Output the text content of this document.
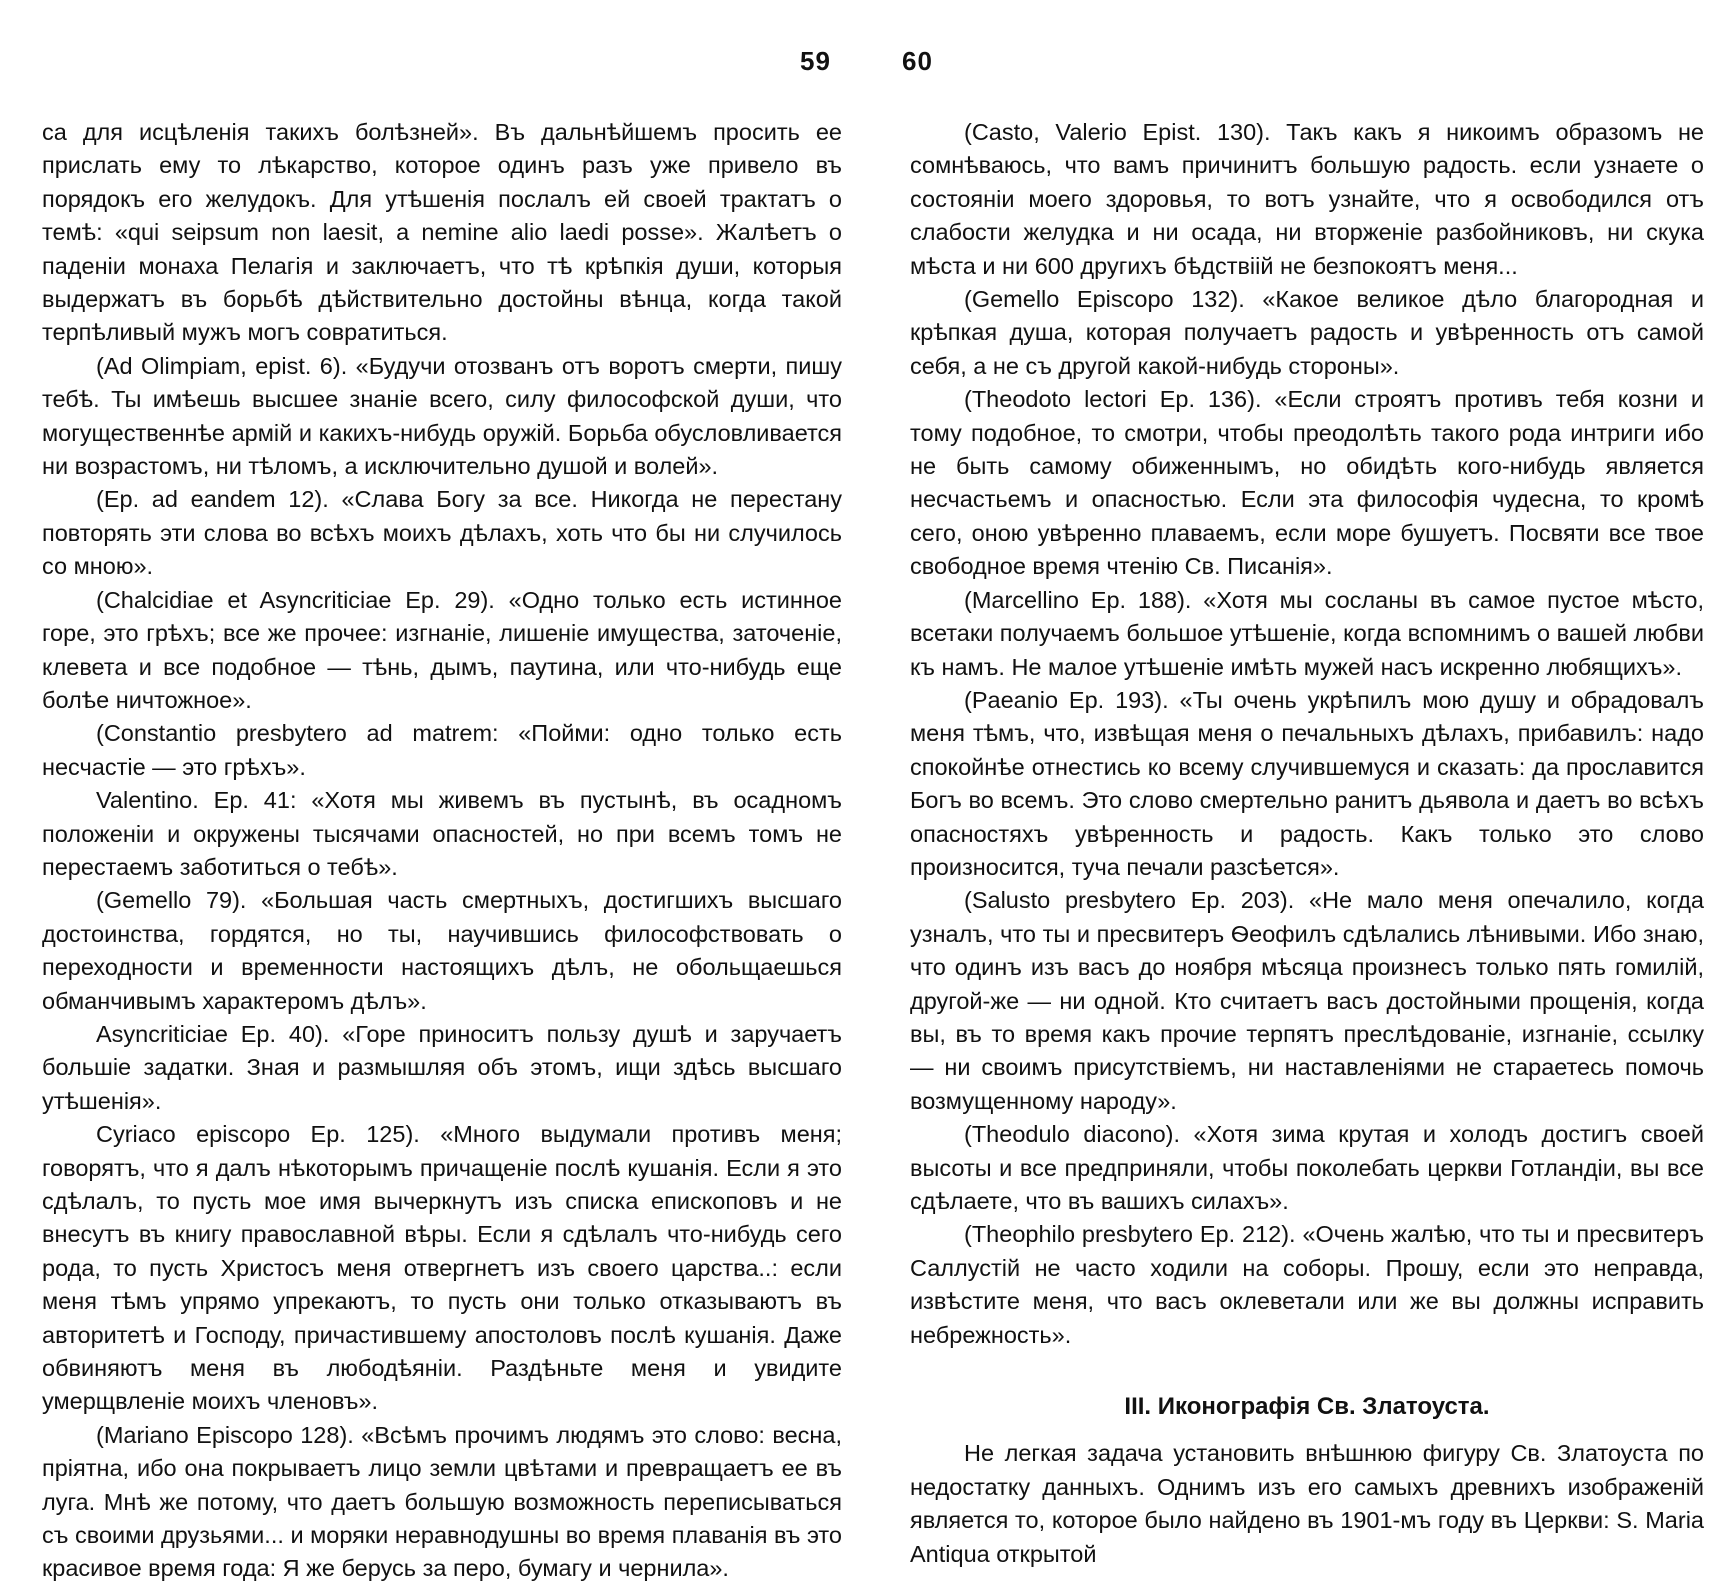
59	60

са для исцѣленія такихъ болѣзней». Въ дальнѣйшемъ просить ее прислать ему то лѣкарство, которое одинъ разъ уже привело въ порядокъ его желудокъ. Для утѣшенія послалъ ей своей трактатъ о темѣ: «qui seipsum non laesit, a nemine alio laedi posse». Жалѣетъ о паденіи монаха Пелагія и заключаетъ, что тѣ крѣпкія души, которыя выдержатъ въ борьбѣ дѣйствительно достойны вѣнца, когда такой терпѣливый мужъ могъ совратиться.

(Ad Olimpiam, epist. 6). «Будучи отозванъ отъ воротъ смерти, пишу тебѣ. Ты имѣешь высшее знаніе всего, силу философской души, что могущественнѣе армій и какихъ-нибудь оружій. Борьба обусловливается ни возрастомъ, ни тѣломъ, а исключительно душой и волей».

(Ep. ad eandem 12). «Слава Богу за все. Никогда не перестану повторять эти слова во всѣхъ моихъ дѣлахъ, хоть что бы ни случилось со мною».

(Chalcidiae et Asyncriticiae Ep. 29). «Одно только есть истинное горе, это грѣхъ; все же прочее: изгнаніе, лишеніе имущества, заточеніе, клевета и все подобное — тѣнь, дымъ, паутина, или что-нибудь еще болѣе ничтожное».

(Constantio presbytero ad matrem: «Пойми: одно только есть несчастіе — это грѣхъ».

Valentino. Ep. 41: «Хотя мы живемъ въ пустынѣ, въ осадномъ положеніи и окружены тысячами опасностей, но при всемъ томъ не перестаемъ заботиться о тебѣ».

(Gemello 79). «Большая часть смертныхъ, достигшихъ высшаго достоинства, гордятся, но ты, научившись философствовать о переходности и временности настоящихъ дѣлъ, не обольщаешься обманчивымъ характеромъ дѣлъ».

Asyncriticiae Ep. 40). «Горе приноситъ пользу душѣ и заручаетъ большіе задатки. Зная и размышляя объ этомъ, ищи здѣсь высшаго утѣшенія».

Cyriaco episcopo Ep. 125). «Много выдумали противъ меня; говорятъ, что я далъ нѣкоторымъ причащеніе послѣ кушанія. Если я это сдѣлалъ, то пусть мое имя вычеркнутъ изъ списка епископовъ и не внесутъ въ книгу православной вѣры. Если я сдѣлалъ что-нибудь сего рода, то пусть Христосъ меня отвергнетъ изъ своего царства..: если меня тѣмъ упрямо упрекаютъ, то пусть они только отказываютъ въ авторитетѣ и Господу, причастившему апостоловъ послѣ кушанія. Даже обвиняютъ меня въ любодѣяніи. Раздѣньте меня и увидите умерщвленіе моихъ членовъ».

(Mariano Episcopo 128). «Всѣмъ прочимъ людямъ это слово: весна, пріятна, ибо она покрываетъ лицо земли цвѣтами и превращаетъ ее въ луга. Мнѣ же потому, что даетъ большую возможность переписываться съ своими друзьями... и моряки неравнодушны во время плаванія въ это красивое время года: Я же берусь за перо, бумагу и чернила».

(Casto, Valerio Epist. 130). Такъ какъ я никоимъ образомъ не сомнѣваюсь, что вамъ причинитъ большую радость. если узнаете о состояніи моего здоровья, то вотъ узнайте, что я освободился отъ слабости желудка и ни осада, ни вторженіе разбойниковъ, ни скука мѣста и ни 600 другихъ бѣдствіій не безпокоятъ меня...

(Gemello Episcopo 132). «Какое великое дѣло благородная и крѣпкая душа, которая получаетъ радость и увѣренность отъ самой себя, а не съ другой какой-нибудь стороны».

(Theodoto lectori Ep. 136). «Если строятъ противъ тебя козни и тому подобное, то смотри, чтобы преодолѣть такого рода интриги ибо не быть самому обиженнымъ, но обидѣть кого-нибудь является несчастьемъ и опасностью. Если эта философія чудесна, то кромѣ сего, оною увѣренно плаваемъ, если море бушуетъ. Посвяти все твое свободное время чтенію Св. Писанія».

(Marcellino Ep. 188). «Хотя мы сосланы въ самое пустое мѣсто, всетаки получаемъ большое утѣшеніе, когда вспомнимъ о вашей любви къ намъ. Не малое утѣшеніе имѣть мужей насъ искренно любящихъ».

(Paeanio Ep. 193). «Ты очень укрѣпилъ мою душу и обрадовалъ меня тѣмъ, что, извѣщая меня о печальныхъ дѣлахъ, прибавилъ: надо спокойнѣе отнестись ко всему случившемуся и сказать: да прославится Богъ во всемъ. Это слово смертельно ранитъ дьявола и даетъ во всѣхъ опасностяхъ увѣренность и радость. Какъ только это слово произносится, туча печали разсѣется».

(Salusto presbytero Ep. 203). «Не мало меня опечалило, когда узналъ, что ты и пресвитеръ Ѳеофилъ сдѣлались лѣнивыми. Ибо знаю, что одинъ изъ васъ до ноября мѣсяца произнесъ только пять гомилій, другой-же — ни одной. Кто считаетъ васъ достойными прощенія, когда вы, въ то время какъ прочие терпятъ преслѣдованіе, изгнаніе, ссылку — ни своимъ присутствіемъ, ни наставленіями не стараетесь помочь возмущенному народу».

(Theodulo diacono). «Хотя зима крутая и холодъ достигъ своей высоты и все предприняли, чтобы поколебать церкви Готландіи, вы все сдѣлаете, что въ вашихъ силахъ».

(Theophilo presbytero Ep. 212). «Очень жалѣю, что ты и пресвитеръ Саллустій не часто ходили на соборы. Прошу, если это неправда, извѣстите меня, что васъ оклеветали или же вы должны исправить небрежность».

III. Иконографія Св. Златоуста.

Не легкая задача установить внѣшнюю фигуру Св. Златоуста по недостатку данныхъ. Однимъ изъ его самыхъ древнихъ изображеній является то, которое было найдено въ 1901-мъ году въ Церкви: S. Maria Antiqua открытой
